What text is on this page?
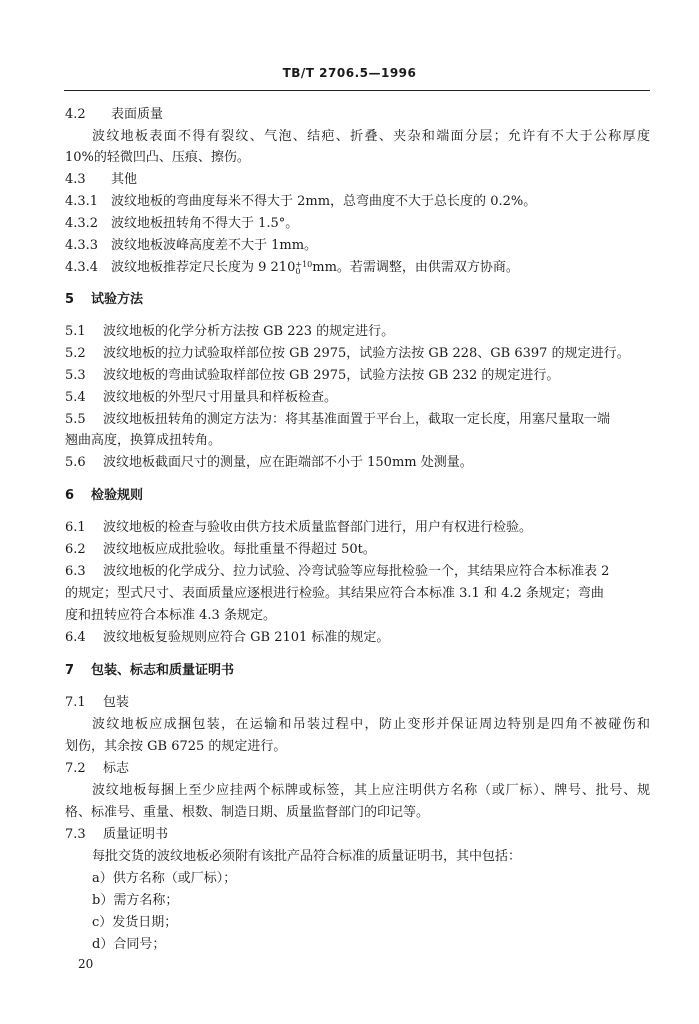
TB/T 2706.5—1996
4.2 表面质量
波纹地板表面不得有裂纹、气泡、结疤、折叠、夹杂和端面分层；允许有不大于公称厚度
10%的轻微凹凸、压痕、擦伤。
4.3 其他
4.3.1 波纹地板的弯曲度每米不得大于 2mm，总弯曲度不大于总长度的 0.2%。
4.3.2 波纹地板扭转角不得大于 1.5°。
4.3.3 波纹地板波峰高度差不大于 1mm。
4.3.4 波纹地板推荐定尺长度为 9 210 +10
0 mm。若需调整，由供需双方协商。
5 试验方法
5.1 波纹地板的化学分析方法按 GB 223 的规定进行。
5.2 波纹地板的拉力试验取样部位按 GB 2975，试验方法按 GB 228、GB 6397 的规定进行。
5.3 波纹地板的弯曲试验取样部位按 GB 2975，试验方法按 GB 232 的规定进行。
5.4 波纹地板的外型尺寸用量具和样板检查。
5.5 波纹地板扭转角的测定方法为：将其基准面置于平台上，截取一定长度，用塞尺量取一端
翘曲高度，换算成扭转角。
5.6 波纹地板截面尺寸的测量，应在距端部不小于 150mm 处测量。
6 检验规则
6.1 波纹地板的检查与验收由供方技术质量监督部门进行，用户有权进行检验。
6.2 波纹地板应成批验收。每批重量不得超过 50t。
6.3 波纹地板的化学成分、拉力试验、冷弯试验等应每批检验一个，其结果应符合本标准表 2
的规定；型式尺寸、表面质量应逐根进行检验。其结果应符合本标准 3.1 和 4.2 条规定；弯曲
度和扭转应符合本标准 4.3 条规定。
6.4 波纹地板复验规则应符合 GB 2101 标准的规定。
7 包装、标志和质量证明书
7.1 包装
波纹地板应成捆包装，在运输和吊装过程中，防止变形并保证周边特别是四角不被碰伤和
划伤，其余按 GB 6725 的规定进行。
7.2 标志
波纹地板每捆上至少应挂两个标牌或标签，其上应注明供方名称（或厂标）、牌号、批号、规
格、标准号、重量、根数、制造日期、质量监督部门的印记等。
7.3 质量证明书
每批交货的波纹地板必须附有该批产品符合标准的质量证明书，其中包括：
a）供方名称（或厂标）；
b）需方名称；
c）发货日期；
d）合同号；
20
